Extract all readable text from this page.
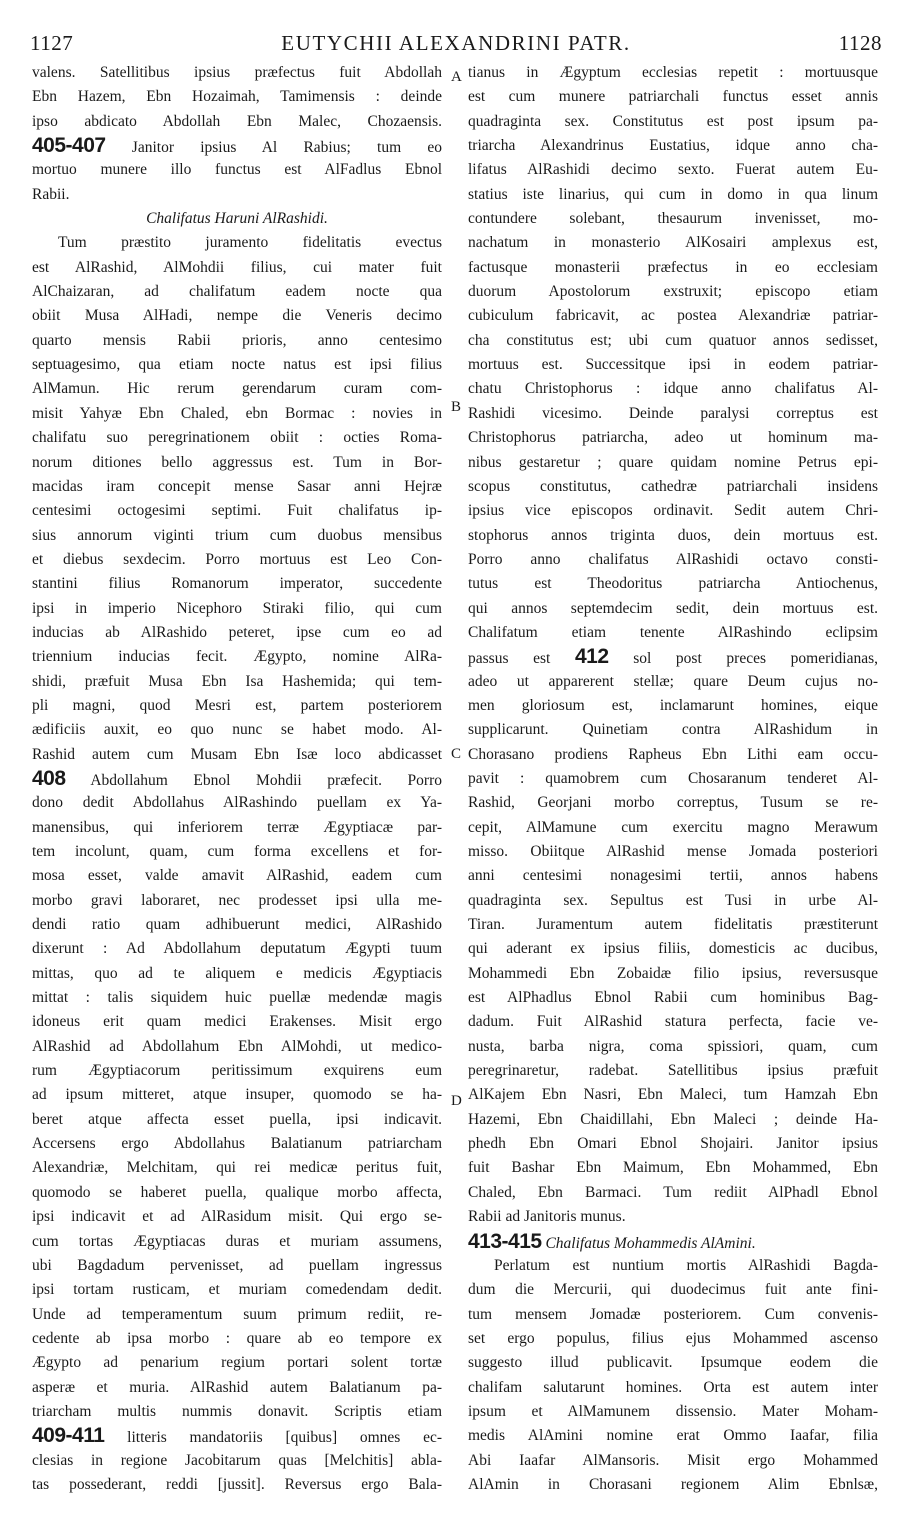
1127	EUTYCHII ALEXANDRINI PATR.	1128
A
B
C
D
valens. Satellitibus ipsius præfectus fuit Abdollah
Ebn Hazem, Ebn Hozaimah, Tamimensis : deinde
ipso abdicato Abdollah Ebn Malec, Chozaensis.
405-407 Janitor ipsius Al Rabius; tum eo
mortuo munere illo functus est AlFadlus Ebnol
Rabii.
Chalifatus Haruni AlRashidi.
Tum præstito juramento fidelitatis evectus
est AlRashid, AlMohdii filius, cui mater fuit
AlChaizaran, ad chalifatum eadem nocte qua
obiit Musa AlHadi, nempe die Veneris decimo
quarto mensis Rabii prioris, anno centesimo
septuagesimo, qua etiam nocte natus est ipsi filius
AlMamun. Hic rerum gerendarum curam com-
misit Yahyæ Ebn Chaled, ebn Bormac : novies in
chalifatu suo peregrinationem obiit : octies Roma-
norum ditiones bello aggressus est. Tum in Bor-
macidas iram concepit mense Sasar anni Hejræ
centesimi octogesimi septimi. Fuit chalifatus ip-
sius annorum viginti trium cum duobus mensibus
et diebus sexdecim. Porro mortuus est Leo Con-
stantini filius Romanorum imperator, succedente
ipsi in imperio Nicephoro Stiraki filio, qui cum
inducias ab AlRashido peteret, ipse cum eo ad
triennium inducias fecit. Ægypto, nomine AlRa-
shidi, præfuit Musa Ebn Isa Hashemida; qui tem-
pli magni, quod Mesri est, partem posteriorem
ædificiis auxit, eo quo nunc se habet modo. Al-
Rashid autem cum Musam Ebn Isæ loco abdicasset
408 Abdollahum Ebnol Mohdii præfecit. Porro
dono dedit Abdollahus AlRashindo puellam ex Ya-
manensibus, qui inferiorem terræ Ægyptiacæ par-
tem incolunt, quam, cum forma excellens et for-
mosa esset, valde amavit AlRashid, eadem cum
morbo gravi laboraret, nec prodesset ipsi ulla me-
dendi ratio quam adhibuerunt medici, AlRashido
dixerunt : Ad Abdollahum deputatum Ægypti tuum
mittas, quo ad te aliquem e medicis Ægyptiacis
mittat : talis siquidem huic puellæ medendæ magis
idoneus erit quam medici Erakenses. Misit ergo
AlRashid ad Abdollahum Ebn AlMohdi, ut medico-
rum Ægyptiacorum peritissimum exquirens eum
ad ipsum mitteret, atque insuper, quomodo se ha-
beret atque affecta esset puella, ipsi indicavit.
Accersens ergo Abdollahus Balatianum patriarcham
Alexandriæ, Melchitam, qui rei medicæ peritus fuit,
quomodo se haberet puella, qualique morbo affecta,
ipsi indicavit et ad AlRasidum misit. Qui ergo se-
cum tortas Ægyptiacas duras et muriam assumens,
ubi Bagdadum pervenisset, ad puellam ingressus
ipsi tortam rusticam, et muriam comedendam dedit.
Unde ad temperamentum suum primum rediit, re-
cedente ab ipsa morbo : quare ab eo tempore ex
Ægypto ad penarium regium portari solent tortæ
asperæ et muria. AlRashid autem Balatianum pa-
triarcham multis nummis donavit. Scriptis etiam
409-411 litteris mandatoriis [quibus] omnes ec-
clesias in regione Jacobitarum quas [Melchitis] abla-
tas possederant, reddi [jussit]. Reversus ergo Bala-
tianus in Ægyptum ecclesias repetit : mortuusque
est cum munere patriarchali functus esset annis
quadraginta sex. Constitutus est post ipsum pa-
triarcha Alexandrinus Eustatius, idque anno cha-
lifatus AlRashidi decimo sexto. Fuerat autem Eu-
statius iste linarius, qui cum in domo in qua linum
contundere solebant, thesaurum invenisset, mo-
nachatum in monasterio AlKosairi amplexus est,
factusque monasterii præfectus in eo ecclesiam
duorum Apostolorum exstruxit; episcopo etiam
cubiculum fabricavit, ac postea Alexandriæ patriar-
cha constitutus est; ubi cum quatuor annos sedisset,
mortuus est. Successitque ipsi in eodem patriar-
chatu Christophorus : idque anno chalifatus Al-
Rashidi vicesimo. Deinde paralysi correptus est
Christophorus patriarcha, adeo ut hominum ma-
nibus gestaretur ; quare quidam nomine Petrus epi-
scopus constitutus, cathedræ patriarchali insidens
ipsius vice episcopos ordinavit. Sedit autem Chri-
stophorus annos triginta duos, dein mortuus est.
Porro anno chalifatus AlRashidi octavo consti-
tutus est Theodoritus patriarcha Antiochenus,
qui annos septemdecim sedit, dein mortuus est.
Chalifatum etiam tenente AlRashindo eclipsim
passus est 412 sol post preces pomeridianas,
adeo ut apparerent stellæ; quare Deum cujus no-
men gloriosum est, inclamarunt homines, eique
supplicarunt. Quinetiam contra AlRashidum in
Chorasano prodiens Rapheus Ebn Lithi eam occu-
pavit : quamobrem cum Chosaranum tenderet Al-
Rashid, Georjani morbo correptus, Tusum se re-
cepit, AlMamune cum exercitu magno Merawum
misso. Obiitque AlRashid mense Jomada posteriori
anni centesimi nonagesimi tertii, annos habens
quadraginta sex. Sepultus est Tusi in urbe Al-
Tiran. Juramentum autem fidelitatis præstiterunt
qui aderant ex ipsius filiis, domesticis ac ducibus,
Mohammedi Ebn Zobaidæ filio ipsius, reversusque
est AlPhadlus Ebnol Rabii cum hominibus Bag-
dadum. Fuit AlRashid statura perfecta, facie ve-
nusta, barba nigra, coma spissiori, quam, cum
peregrinaretur, radebat. Satellitibus ipsius præfuit
AlKajem Ebn Nasri, Ebn Maleci, tum Hamzah Ebn
Hazemi, Ebn Chaidillahi, Ebn Maleci ; deinde Ha-
phedh Ebn Omari Ebnol Shojairi. Janitor ipsius
fuit Bashar Ebn Maimum, Ebn Mohammed, Ebn
Chaled, Ebn Barmaci. Tum rediit AlPhadl Ebnol
Rabii ad Janitoris munus.
413-415 Chalifatus Mohammedis AlAmini.
Perlatum est nuntium mortis AlRashidi Bagda-
dum die Mercurii, qui duodecimus fuit ante fini-
tum mensem Jomadæ posteriorem. Cum convenis-
set ergo populus, filius ejus Mohammed ascenso
suggesto illud publicavit. Ipsumque eodem die
chalifam salutarunt homines. Orta est autem inter
ipsum et AlMamunem dissensio. Mater Moham-
medis AlAmini nomine erat Ommo Iaafar, filia
Abi Iaafar AlMansoris. Misit ergo Mohammed
AlAmin in Chorasani regionem Alim Ebnlsæ,
